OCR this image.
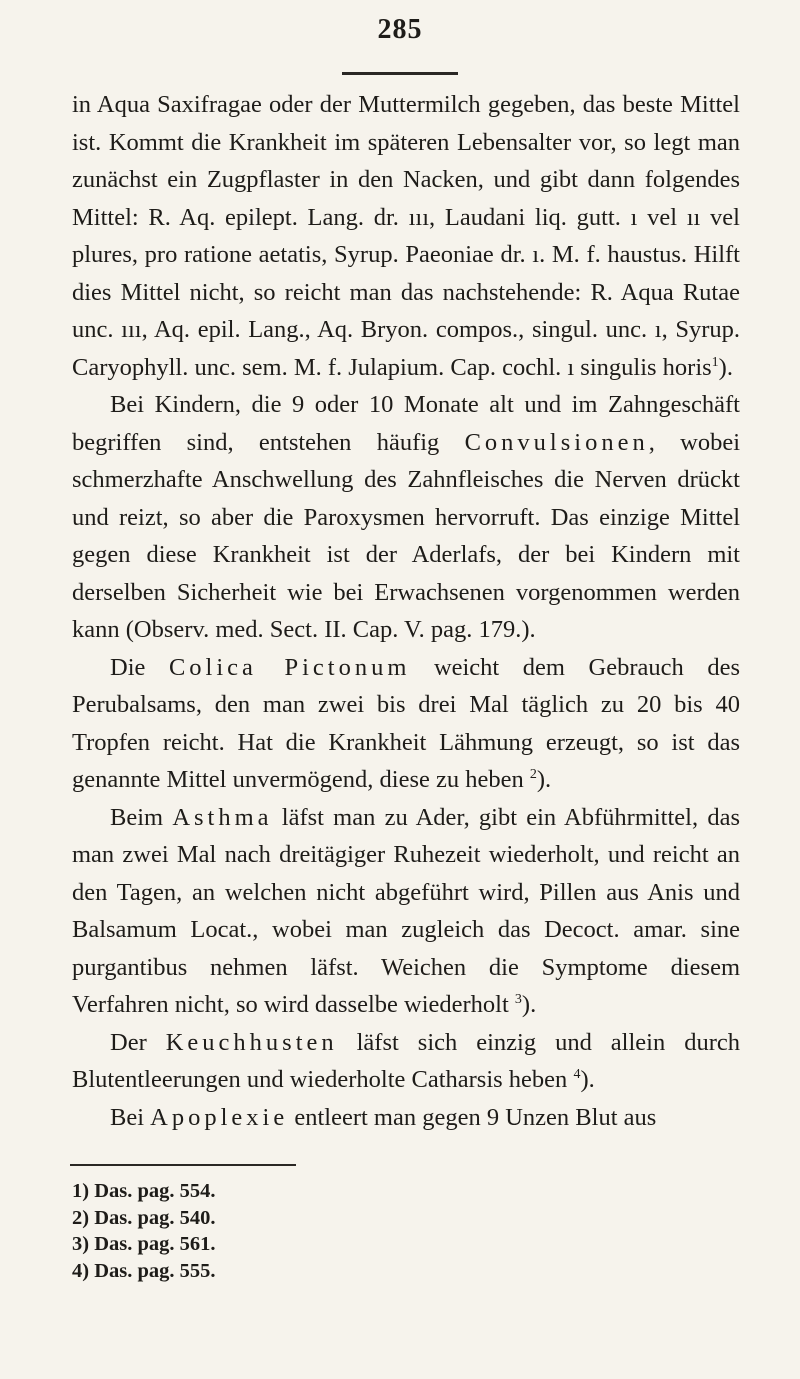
285

in Aqua Saxifragae oder der Muttermilch gegeben, das beste Mittel ist. Kommt die Krankheit im späteren Lebensalter vor, so legt man zunächst ein Zugpflaster in den Nacken, und gibt dann folgendes Mittel: R. Aq. epilept. Lang. dr. ııı, Laudani liq. gutt. ı vel ıı vel plures, pro ratione aetatis, Syrup. Paeoniae dr. ı. M. f. haustus. Hilft dies Mittel nicht, so reicht man das nachstehende: R. Aqua Rutae unc. ııı, Aq. epil. Lang., Aq. Bryon. compos., singul. unc. ı, Syrup. Caryophyll. unc. sem. M. f. Julapium. Cap. cochl. ı singulis horis$^1$).

Bei Kindern, die 9 oder 10 Monate alt und im Zahngeschäft begriffen sind, entstehen häufig Convulsionen, wobei schmerzhafte Anschwellung des Zahnfleisches die Nerven drückt und reizt, so aber die Paroxysmen hervorruft. Das einzige Mittel gegen diese Krankheit ist der Aderlafs, der bei Kindern mit derselben Sicherheit wie bei Erwachsenen vorgenommen werden kann (Observ. med. Sect. II. Cap. V. pag. 179.).

Die Colica Pictonum weicht dem Gebrauch des Perubalsams, den man zwei bis drei Mal täglich zu 20 bis 40 Tropfen reicht. Hat die Krankheit Lähmung erzeugt, so ist das genannte Mittel unvermögend, diese zu heben $^2$).

Beim Asthma läfst man zu Ader, gibt ein Abführmittel, das man zwei Mal nach dreitägiger Ruhezeit wiederholt, und reicht an den Tagen, an welchen nicht abgeführt wird, Pillen aus Anis und Balsamum Locat., wobei man zugleich das Decoct. amar. sine purgantibus nehmen läfst. Weichen die Symptome diesem Verfahren nicht, so wird dasselbe wiederholt $^3$).

Der Keuchhusten läfst sich einzig und allein durch Blutentleerungen und wiederholte Catharsis heben $^4$).

Bei Apoplexie entleert man gegen 9 Unzen Blut aus

1) Das. pag. 554.
2) Das. pag. 540.
3) Das. pag. 561.
4) Das. pag. 555.
